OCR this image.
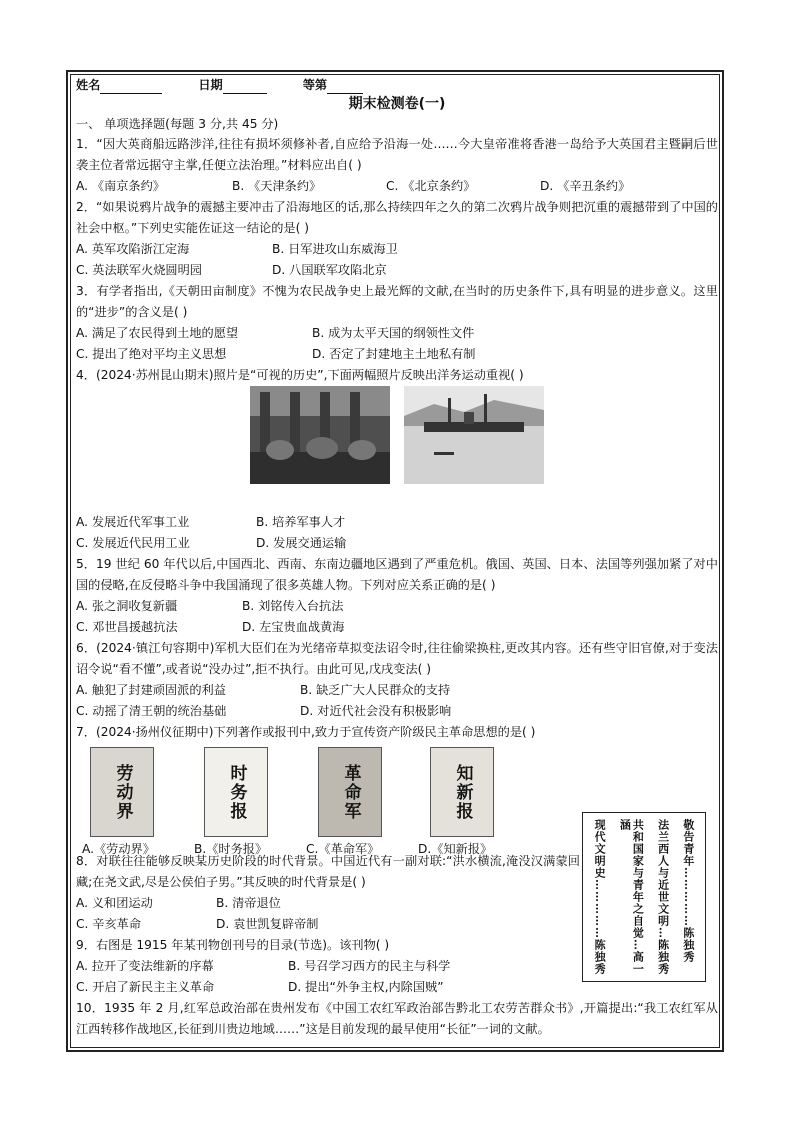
姓名	日期	等第
期末检测卷(一)
一、 单项选择题(每题 3 分,共 45 分)

1．“因大英商船远路涉洋,往往有损坏须修补者,自应给予沿海一处……今大皇帝准将香港一岛给予大英国君主暨嗣后世袭主位者常远据守主掌,任便立法治理。”材料应出自( )

A. 《南京条约》	B. 《天津条约》	C. 《北京条约》	D. 《辛丑条约》

2．“如果说鸦片战争的震撼主要冲击了沿海地区的话,那么持续四年之久的第二次鸦片战争则把沉重的震撼带到了中国的社会中枢。”下列史实能佐证这一结论的是( )

A. 英军攻陷浙江定海	B. 日军进攻山东威海卫
C. 英法联军火烧圆明园	D. 八国联军攻陷北京

3．有学者指出,《天朝田亩制度》不愧为农民战争史上最光辉的文献,在当时的历史条件下,具有明显的进步意义。这里的“进步”的含义是( )

A. 满足了农民得到土地的愿望	B. 成为太平天国的纲领性文件
C. 提出了绝对平均主义思想	D. 否定了封建地主土地私有制

4．(2024·苏州昆山期末)照片是“可视的历史”,下面两幅照片反映出洋务运动重视( )

A. 发展近代军事工业	B. 培养军事人才
C. 发展近代民用工业	D. 发展交通运输

5．19 世纪 60 年代以后,中国西北、西南、东南边疆地区遇到了严重危机。俄国、英国、日本、法国等列强加紧了对中国的侵略,在反侵略斗争中我国涌现了很多英雄人物。下列对应关系正确的是( )

A. 张之洞收复新疆	B. 刘铭传入台抗法
C. 邓世昌援越抗法	D. 左宝贵血战黄海

6．(2024·镇江句容期中)军机大臣们在为光绪帝草拟变法诏令时,往往偷梁换柱,更改其内容。还有些守旧官僚,对于变法诏令说“看不懂”,或者说“没办过”,拒不执行。由此可见,戊戌变法( )

A. 触犯了封建顽固派的利益	B. 缺乏广大人民群众的支持
C. 动摇了清王朝的统治基础	D. 对近代社会没有积极影响

7．(2024·扬州仪征期中)下列著作或报刊中,致力于宣传资产阶级民主革命思想的是( )

劳动界	时务报	革命军	知新报
A.《劳动界》	B.《时务报》	C.《革命军》	D.《知新报》

8．对联往往能够反映某历史阶段的时代背景。中国近代有一副对联:“洪水横流,淹没汉满蒙回藏;在尧文武,尽是公侯伯子男。”其反映的时代背景是( )

A. 义和团运动	B. 清帝退位
C. 辛亥革命	D. 袁世凯复辟帝制

9．右图是 1915 年某刊物创刊号的目录(节选)。该刊物( )

A. 拉开了变法维新的序幕	B. 号召学习西方的民主与科学
C. 开启了新民主主义革命	D. 提出“外争主权,内除国贼”

10．1935 年 2 月,红军总政治部在贵州发布《中国工农红军政治部告黔北工农劳苦群众书》,开篇提出:“我工农红军从江西转移作战地区,长征到川贵边地域……”这是目前发现的最早使用“长征”一词的文献。

敬告青年……………陈独秀
法兰西人与近世文明…陈独秀
共和国家与青年之自觉…高一涵
现代文明史……………陈独秀
